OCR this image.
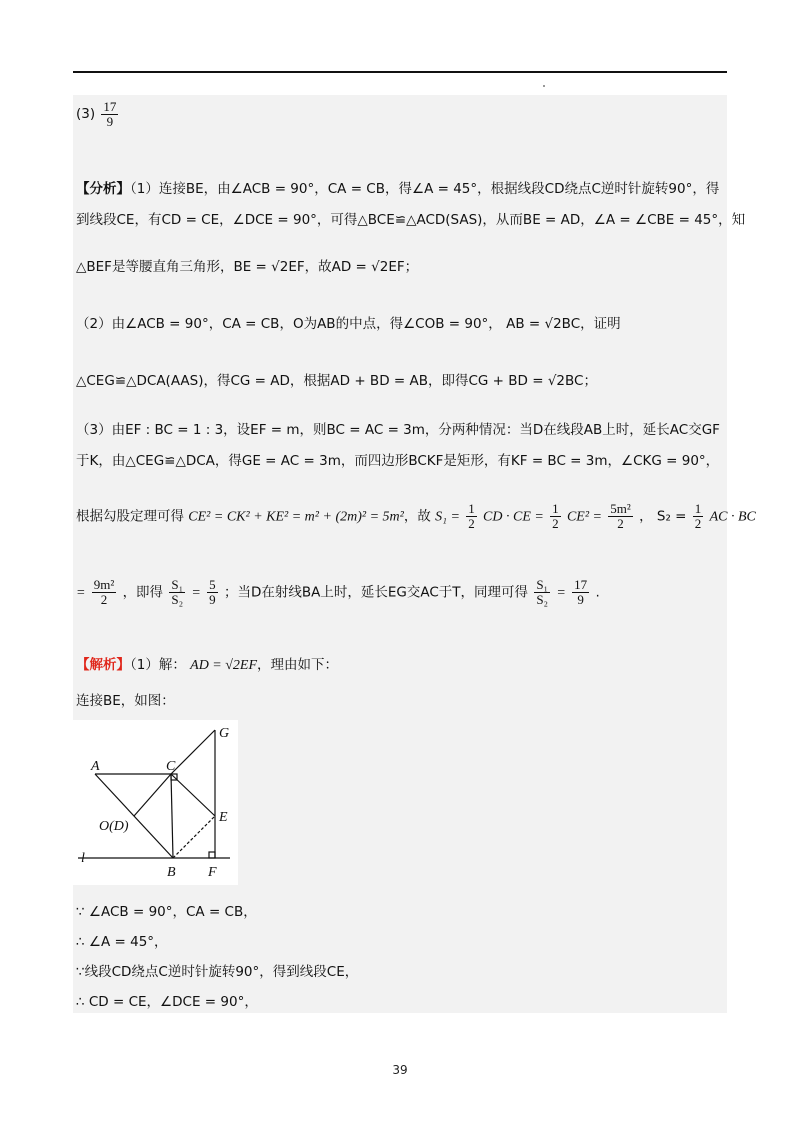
$(3) \frac{17}{9}$
【分析】（1）连接BE，由∠ACB = 90°，CA = CB，得∠A = 45°，根据线段CD绕点C逆时针旋转90°，得
到线段CE，有CD = CE，∠DCE = 90°，可得△BCE≌△ACD(SAS)，从而BE = AD，∠A = ∠CBE = 45°，知
△BEF是等腰直角三角形，BE = √2EF，故AD = √2EF；
（2）由∠ACB = 90°，CA = CB，O为AB的中点，得∠COB = 90°， AB = √2BC，证明
△CEG≌△DCA(AAS)，得CG = AD，根据AD + BD = AB，即得CG + BD = √2BC；
（3）由EF : BC = 1 : 3，设EF = m，则BC = AC = 3m，分两种情况：当D在线段AB上时，延长AC交GF
于K，由△CEG≌△DCA，得GE = AC = 3m，而四边形BCKF是矩形，有KF = BC = 3m，∠CKG = 90°，
根据勾股定理可得 CE² = CK² + KE² = m² + (2m)² = 5m²，故 $S_1 = \frac{1}{2}$ CD · CE = $\frac{1}{2} CE^2 = \frac{\text{5m²}}{2}$ ， $S_2 = \frac{1}{2}$ AC · BC
= $\frac{\text{9m²}}{2}$ ，即得 $\frac{\text{S₁}}{\text{S₂}} = \frac{5}{9}$ ；当D在射线BA上时，延长EG交AC于T，同理可得 $\frac{\text{S₁}}{\text{S₂}} = \frac{17}{9}$ .
【解析】（1）解： AD = √2EF，理由如下：
连接BE，如图：
A	C
G
O(D)
E
l
B F
∵ ∠ACB = 90°，CA = CB，
∴ ∠A = 45°，
∵线段CD绕点C逆时针旋转90°，得到线段CE，
∴ CD = CE，∠DCE = 90°，
39
